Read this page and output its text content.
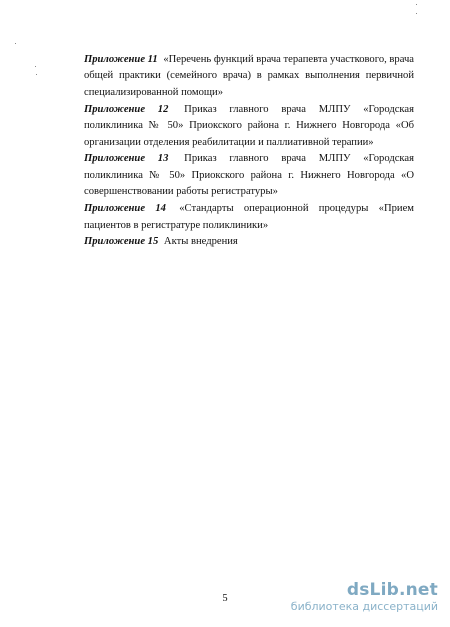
Приложение 11 «Перечень функций врача терапевта участкового, врача общей практики (семейного врача) в рамках выполнения первичной специализированной помощи»

Приложение 12 Приказ главного врача МЛПУ «Городская поликлиника № 50» Приокского района г. Нижнего Новгорода «Об организации отделения реабилитации и паллиативной терапии»

Приложение 13 Приказ главного врача МЛПУ «Городская поликлиника № 50» Приокского района г. Нижнего Новгорода «О совершенствовании работы регистратуры»

Приложение 14 «Стандарты операционной процедуры «Прием пациентов в регистратуре поликлиники»

Приложение 15 Акты внедрения

5	dsLib.net
библиотека диссертаций
